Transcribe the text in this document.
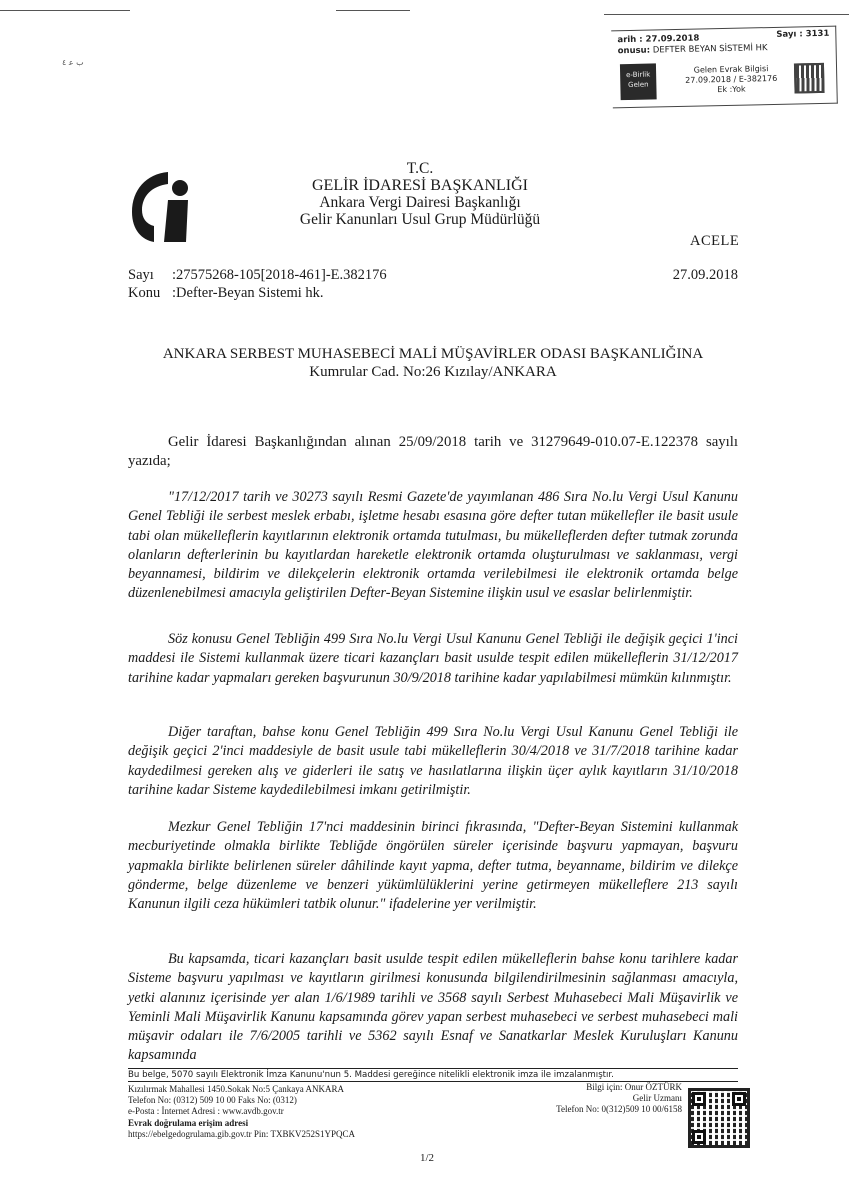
ب ﻋ ٤
arih : 27.09.2018	Sayı : 3131
onusu: DEFTER BEYAN SİSTEMİ HK
e-Birlik
Gelen
Gelen Evrak Bilgisi
27.09.2018 / E-382176
Ek :Yok
T.C.
GELİR İDARESİ BAŞKANLIĞI
Ankara Vergi Dairesi Başkanlığı
Gelir Kanunları Usul Grup Müdürlüğü
ACELE
Sayı :27575268-105[2018-461]-E.382176
Konu :Defter-Beyan Sistemi hk.
27.09.2018
ANKARA SERBEST MUHASEBECİ MALİ MÜŞAVİRLER ODASI BAŞKANLIĞINA
Kumrular Cad. No:26 Kızılay/ANKARA
Gelir İdaresi Başkanlığından alınan 25/09/2018 tarih ve 31279649-010.07-E.122378 sayılı yazıda;
"17/12/2017 tarih ve 30273 sayılı Resmi Gazete'de yayımlanan 486 Sıra No.lu Vergi Usul Kanunu Genel Tebliği ile serbest meslek erbabı, işletme hesabı esasına göre defter tutan mükellefler ile basit usule tabi olan mükelleflerin kayıtlarının elektronik ortamda tutulması, bu mükelleflerden defter tutmak zorunda olanların defterlerinin bu kayıtlardan hareketle elektronik ortamda oluşturulması ve saklanması, vergi beyannamesi, bildirim ve dilekçelerin elektronik ortamda verilebilmesi ile elektronik ortamda belge düzenlenebilmesi amacıyla geliştirilen Defter-Beyan Sistemine ilişkin usul ve esaslar belirlenmiştir.
Söz konusu Genel Tebliğin 499 Sıra No.lu Vergi Usul Kanunu Genel Tebliği ile değişik geçici 1'inci maddesi ile Sistemi kullanmak üzere ticari kazançları basit usulde tespit edilen mükelleflerin 31/12/2017 tarihine kadar yapmaları gereken başvurunun 30/9/2018 tarihine kadar yapılabilmesi mümkün kılınmıştır.
Diğer taraftan, bahse konu Genel Tebliğin 499 Sıra No.lu Vergi Usul Kanunu Genel Tebliği ile değişik geçici 2'inci maddesiyle de basit usule tabi mükelleflerin 30/4/2018 ve 31/7/2018 tarihine kadar kaydedilmesi gereken alış ve giderleri ile satış ve hasılatlarına ilişkin üçer aylık kayıtların 31/10/2018 tarihine kadar Sisteme kaydedilebilmesi imkanı getirilmiştir.
Mezkur Genel Tebliğin 17'nci maddesinin birinci fıkrasında, "Defter-Beyan Sistemini kullanmak mecburiyetinde olmakla birlikte Tebliğde öngörülen süreler içerisinde başvuru yapmayan, başvuru yapmakla birlikte belirlenen süreler dâhilinde kayıt yapma, defter tutma, beyanname, bildirim ve dilekçe gönderme, belge düzenleme ve benzeri yükümlülüklerini yerine getirmeyen mükelleflere 213 sayılı Kanunun ilgili ceza hükümleri tatbik olunur." ifadelerine yer verilmiştir.
Bu kapsamda, ticari kazançları basit usulde tespit edilen mükelleflerin bahse konu tarihlere kadar Sisteme başvuru yapılması ve kayıtların girilmesi konusunda bilgilendirilmesinin sağlanması amacıyla, yetki alanınız içerisinde yer alan 1/6/1989 tarihli ve 3568 sayılı Serbest Muhasebeci Mali Müşavirlik ve Yeminli Mali Müşavirlik Kanunu kapsamında görev yapan serbest muhasebeci ve serbest muhasebeci mali müşavir odaları ile 7/6/2005 tarihli ve 5362 sayılı Esnaf ve Sanatkarlar Meslek Kuruluşları Kanunu kapsamında
Bu belge, 5070 sayılı Elektronik İmza Kanunu'nun 5. Maddesi gereğince nitelikli elektronik imza ile imzalanmıştır.
Kızılırmak Mahallesi 1450.Sokak No:5 Çankaya ANKARA
Telefon No: (0312) 509 10 00 Faks No: (0312)
e-Posta : İnternet Adresi : www.avdb.gov.tr
Evrak doğrulama erişim adresi
https://ebelgedogrulama.gib.gov.tr Pin: TXBKV252S1YPQCA
Bilgi için: Onur ÖZTÜRK
Gelir Uzmanı
Telefon No: 0(312)509 10 00/6158
1/2
